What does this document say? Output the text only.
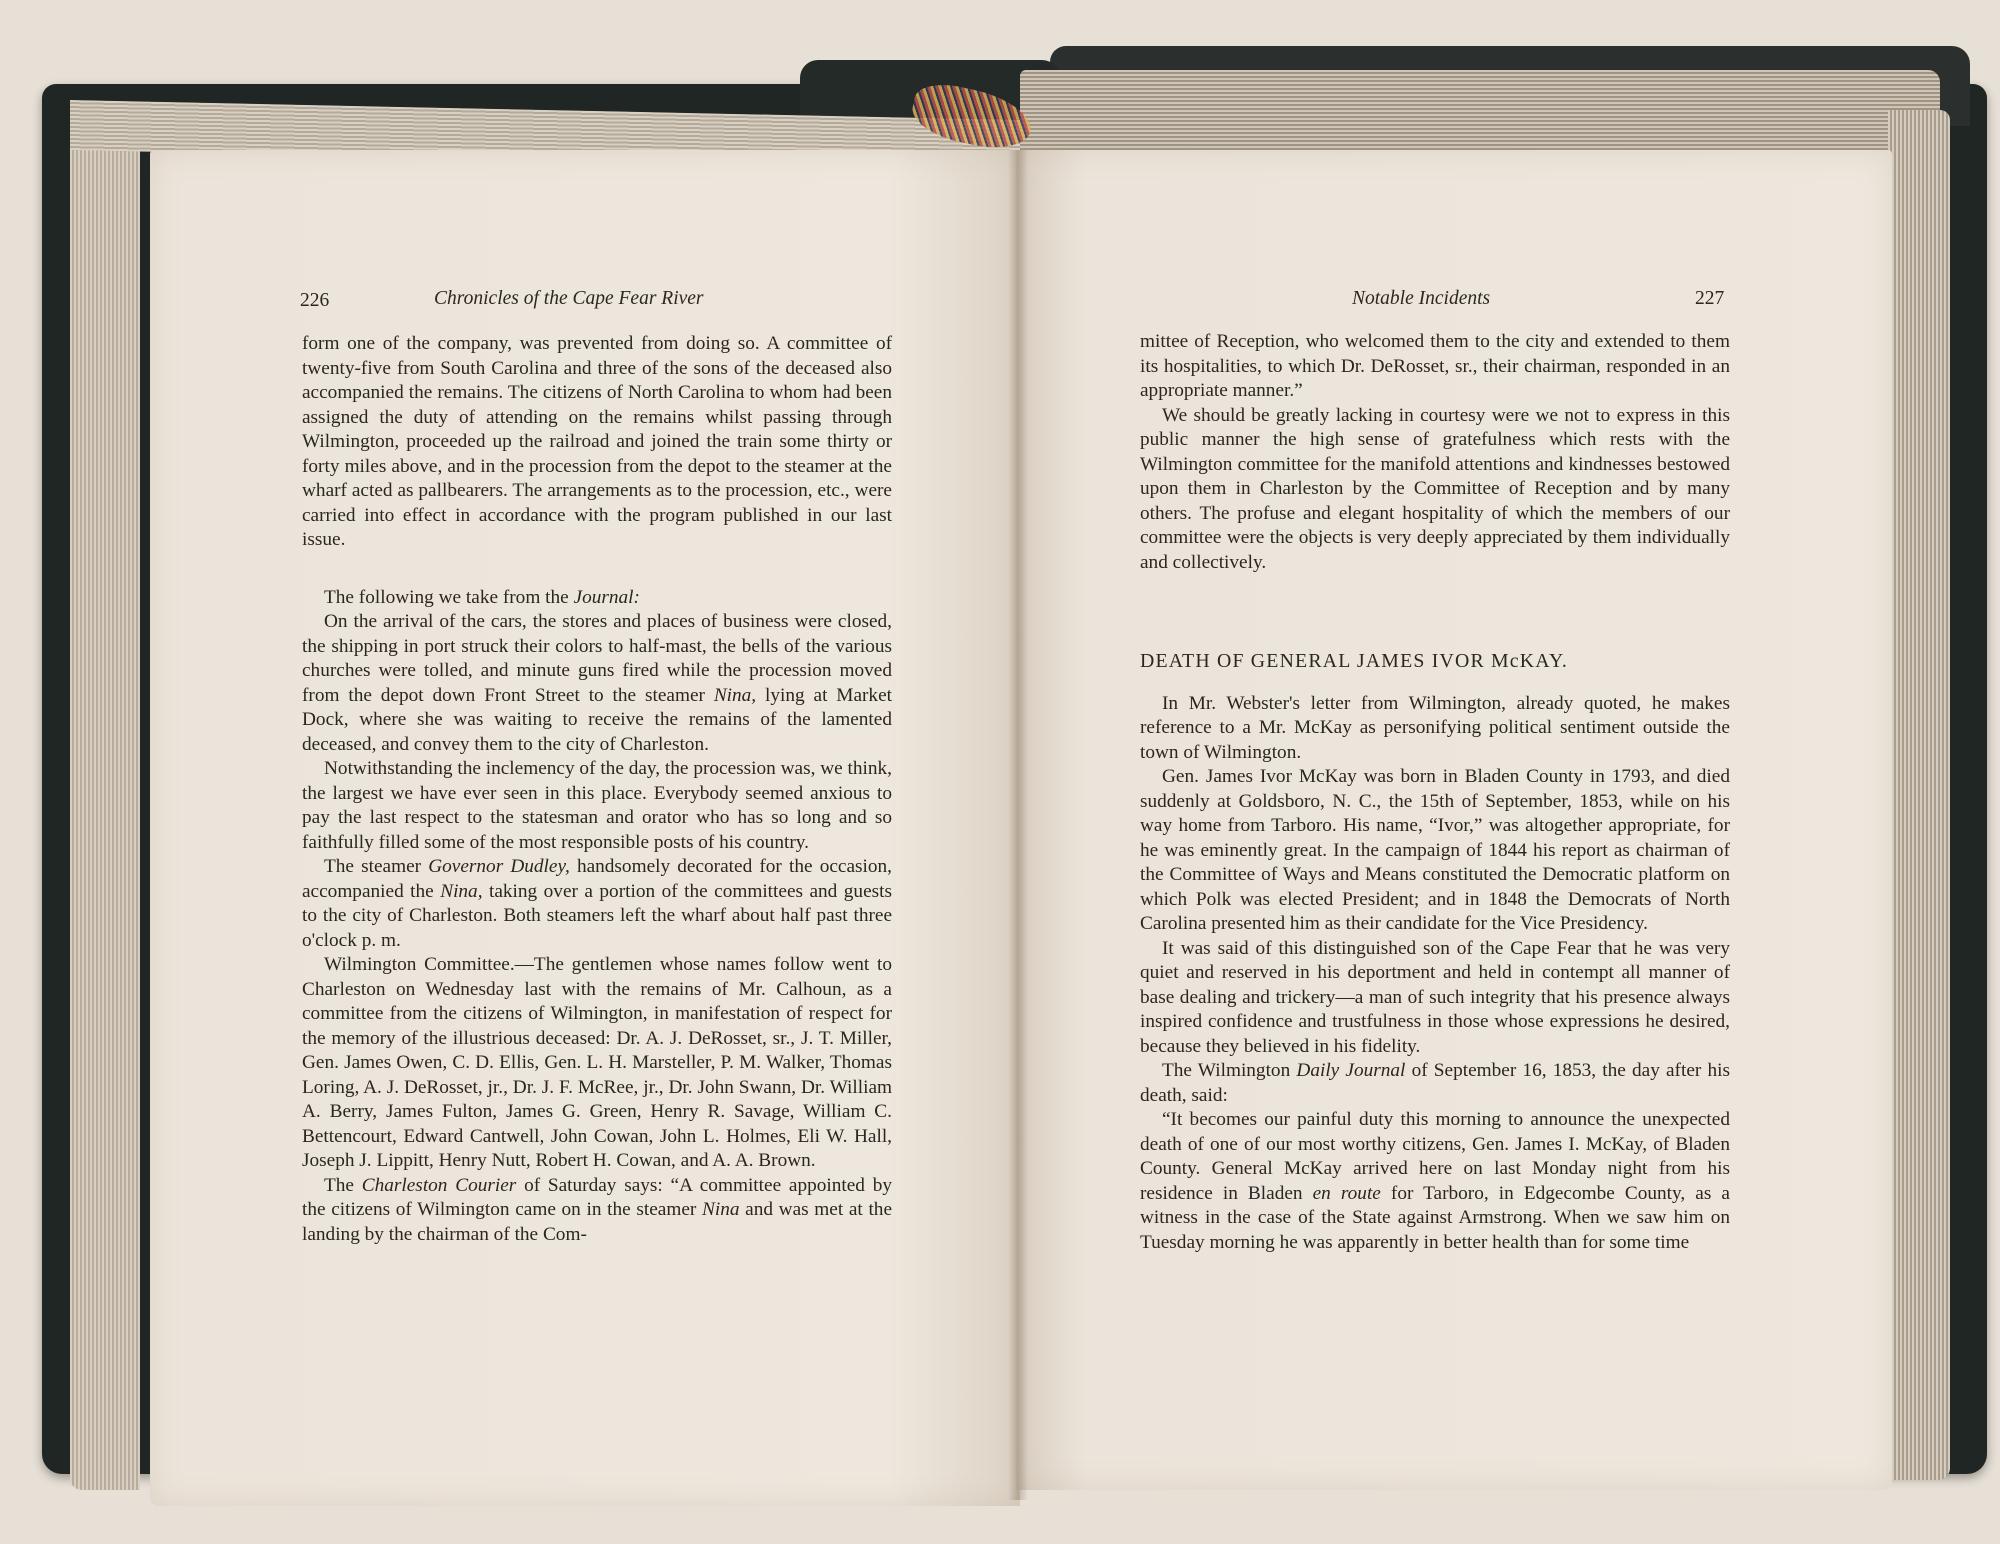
226	Chronicles of the Cape Fear River

form one of the company, was prevented from doing so. A committee of twenty-five from South Carolina and three of the sons of the deceased also accompanied the remains. The citizens of North Carolina to whom had been assigned the duty of attending on the remains whilst passing through Wilmington, proceeded up the railroad and joined the train some thirty or forty miles above, and in the procession from the depot to the steamer at the wharf acted as pallbearers. The arrangements as to the procession, etc., were carried into effect in accordance with the program published in our last issue.

The following we take from the Journal:

On the arrival of the cars, the stores and places of business were closed, the shipping in port struck their colors to half-mast, the bells of the various churches were tolled, and minute guns fired while the procession moved from the depot down Front Street to the steamer Nina, lying at Market Dock, where she was waiting to receive the remains of the lamented deceased, and convey them to the city of Charleston.

Notwithstanding the inclemency of the day, the procession was, we think, the largest we have ever seen in this place. Everybody seemed anxious to pay the last respect to the statesman and orator who has so long and so faithfully filled some of the most responsible posts of his country.

The steamer Governor Dudley, handsomely decorated for the occasion, accompanied the Nina, taking over a portion of the committees and guests to the city of Charleston. Both steamers left the wharf about half past three o'clock p. m.

Wilmington Committee.—The gentlemen whose names follow went to Charleston on Wednesday last with the remains of Mr. Calhoun, as a committee from the citizens of Wilmington, in manifestation of respect for the memory of the illustrious deceased: Dr. A. J. DeRosset, sr., J. T. Miller, Gen. James Owen, C. D. Ellis, Gen. L. H. Marsteller, P. M. Walker, Thomas Loring, A. J. DeRosset, jr., Dr. J. F. McRee, jr., Dr. John Swann, Dr. William A. Berry, James Fulton, James G. Green, Henry R. Savage, William C. Bettencourt, Edward Cantwell, John Cowan, John L. Holmes, Eli W. Hall, Joseph J. Lippitt, Henry Nutt, Robert H. Cowan, and A. A. Brown.

The Charleston Courier of Saturday says: “A committee appointed by the citizens of Wilmington came on in the steamer Nina and was met at the landing by the chairman of the Com-

Notable Incidents	227

mittee of Reception, who welcomed them to the city and extended to them its hospitalities, to which Dr. DeRosset, sr., their chairman, responded in an appropriate manner.”

We should be greatly lacking in courtesy were we not to express in this public manner the high sense of gratefulness which rests with the Wilmington committee for the manifold attentions and kindnesses bestowed upon them in Charleston by the Committee of Reception and by many others. The profuse and elegant hospitality of which the members of our committee were the objects is very deeply appreciated by them individually and collectively.

DEATH OF GENERAL JAMES IVOR McKAY.

In Mr. Webster's letter from Wilmington, already quoted, he makes reference to a Mr. McKay as personifying political sentiment outside the town of Wilmington.

Gen. James Ivor McKay was born in Bladen County in 1793, and died suddenly at Goldsboro, N. C., the 15th of September, 1853, while on his way home from Tarboro. His name, “Ivor,” was altogether appropriate, for he was eminently great. In the campaign of 1844 his report as chairman of the Committee of Ways and Means constituted the Democratic platform on which Polk was elected President; and in 1848 the Democrats of North Carolina presented him as their candidate for the Vice Presidency.

It was said of this distinguished son of the Cape Fear that he was very quiet and reserved in his deportment and held in contempt all manner of base dealing and trickery—a man of such integrity that his presence always inspired confidence and trustfulness in those whose expressions he desired, because they believed in his fidelity.

The Wilmington Daily Journal of September 16, 1853, the day after his death, said:

“It becomes our painful duty this morning to announce the unexpected death of one of our most worthy citizens, Gen. James I. McKay, of Bladen County. General McKay arrived here on last Monday night from his residence in Bladen en route for Tarboro, in Edgecombe County, as a witness in the case of the State against Armstrong. When we saw him on Tuesday morning he was apparently in better health than for some time
